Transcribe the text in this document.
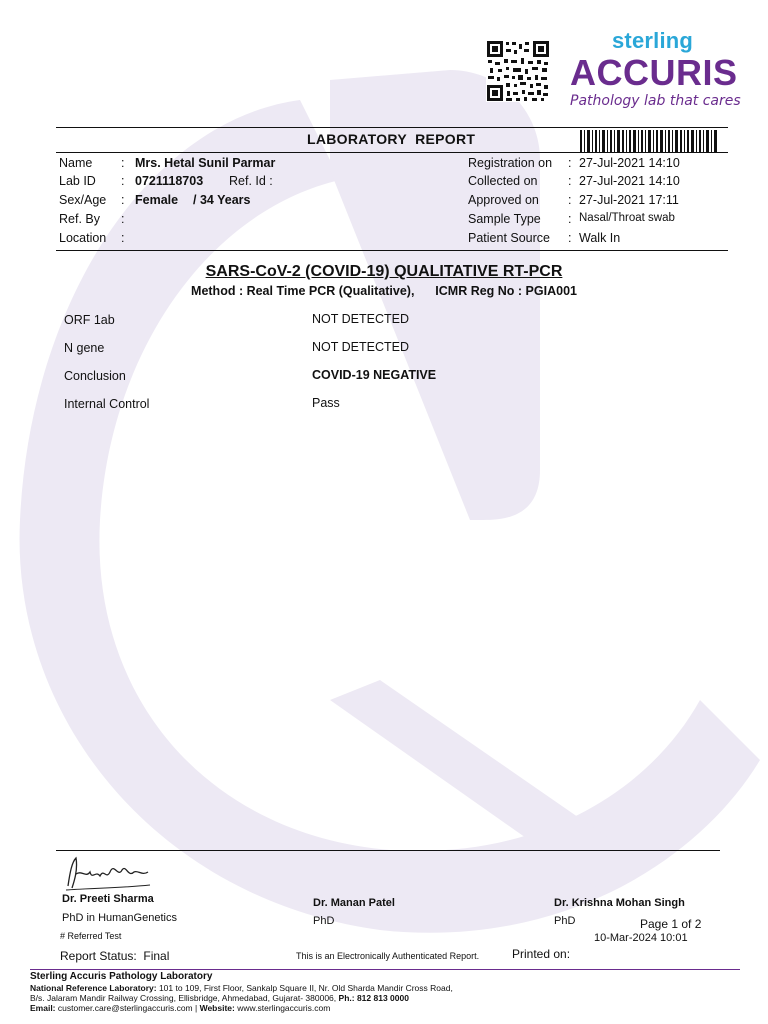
sterling
ACCURIS
Pathology lab that cares
LABORATORY  REPORT
Name : Mrs. Hetal Sunil Parmar
Lab ID : 0721118703 Ref. Id :
Sex/Age : Female / 34 Years
Ref. By :
Location :
Registration on : 27-Jul-2021 14:10
Collected on : 27-Jul-2021 14:10
Approved on : 27-Jul-2021 17:11
Sample Type : Nasal/Throat swab
Patient Source : Walk In
SARS-CoV-2 (COVID-19) QUALITATIVE RT-PCR
Method : Real Time PCR (Qualitative),      ICMR Reg No : PGIA001
ORF 1ab	NOT DETECTED
N gene	NOT DETECTED
Conclusion	COVID-19 NEGATIVE
Internal Control	Pass
Dr. Preeti Sharma
PhD in HumanGenetics
# Referred Test
Dr. Manan Patel
PhD
Dr. Krishna Mohan Singh
PhD	Page 1 of 2
10-Mar-2024 10:01
Report Status:  Final	This is an Electronically Authenticated Report.	Printed on:
Sterling Accuris Pathology Laboratory
National Reference Laboratory: 101 to 109, First Floor, Sankalp Square II, Nr. Old Sharda Mandir Cross Road,
B/s. Jalaram Mandir Railway Crossing, Ellisbridge, Ahmedabad, Gujarat- 380006, Ph.: 812 813 0000
Email: customer.care@sterlingaccuris.com | Website: www.sterlingaccuris.com
